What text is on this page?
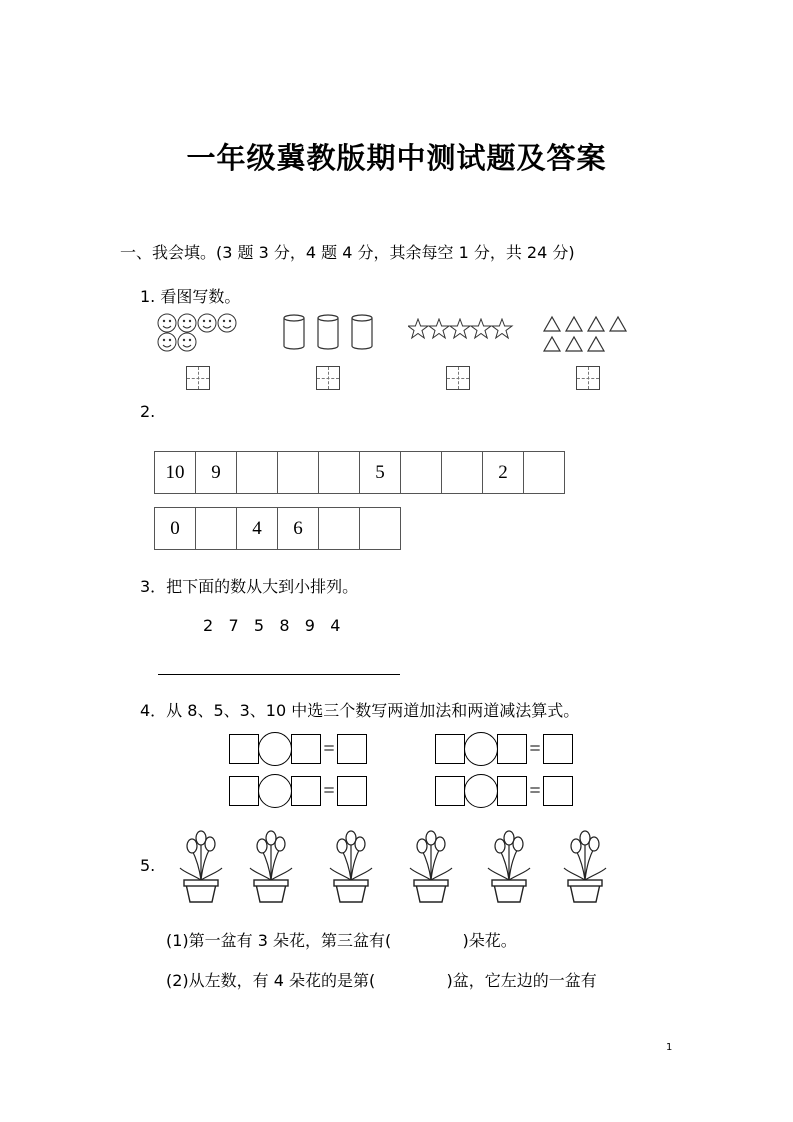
一年级冀教版期中测试题及答案
一、我会填。(3 题 3 分，4 题 4 分，其余每空 1 分，共 24 分)
1. 看图写数。
2.
10	9				5			2	
0		4	6		
3．把下面的数从大到小排列。
2   7   5   8   9   4
4．从 8、5、3、10 中选三个数写两道加法和两道减法算式。
=	=
=	=
5.
(1)第一盆有 3 朵花，第三盆有(              )朵花。
(2)从左数，有 4 朵花的是第(              )盆，它左边的一盆有
1
